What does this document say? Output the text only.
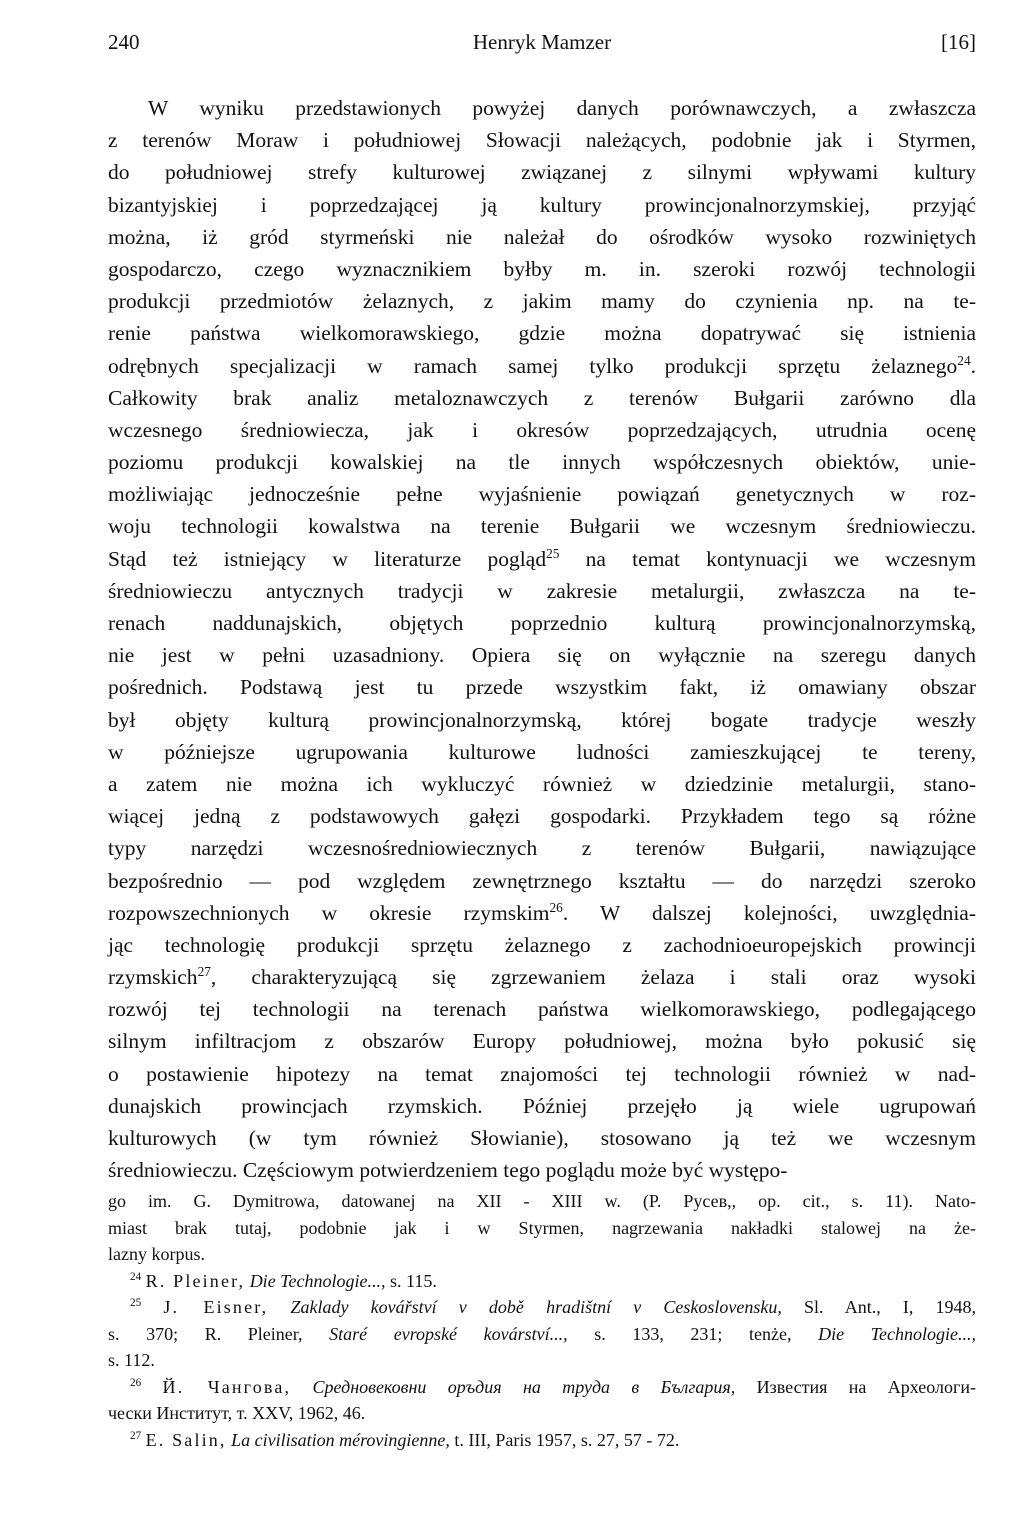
240	Henryk Mamzer	[16]
W wyniku przedstawionych powyżej danych porównawczych, a zwłaszcza
z terenów Moraw i południowej Słowacji należących, podobnie jak i Styrmen,
do południowej strefy kulturowej związanej z silnymi wpływami kultury
bizantyjskiej i poprzedzającej ją kultury prowincjonalnorzymskiej, przyjąć
można, iż gród styrmeński nie należał do ośrodków wysoko rozwiniętych
gospodarczo, czego wyznacznikiem byłby m. in. szeroki rozwój technologii
produkcji przedmiotów żelaznych, z jakim mamy do czynienia np. na te-
renie państwa wielkomorawskiego, gdzie można dopatrywać się istnienia
odrębnych specjalizacji w ramach samej tylko produkcji sprzętu żelaznego$^{24}$.
Całkowity brak analiz metaloznawczych z terenów Bułgarii zarówno dla
wczesnego średniowiecza, jak i okresów poprzedzających, utrudnia ocenę
poziomu produkcji kowalskiej na tle innych współczesnych obiektów, unie-
możliwiając jednocześnie pełne wyjaśnienie powiązań genetycznych w roz-
woju technologii kowalstwa na terenie Bułgarii we wczesnym średniowieczu.
Stąd też istniejący w literaturze pogląd$^{25}$ na temat kontynuacji we wczesnym
średniowieczu antycznych tradycji w zakresie metalurgii, zwłaszcza na te-
renach naddunajskich, objętych poprzednio kulturą prowincjonalnorzymską,
nie jest w pełni uzasadniony. Opiera się on wyłącznie na szeregu danych
pośrednich. Podstawą jest tu przede wszystkim fakt, iż omawiany obszar
był objęty kulturą prowincjonalnorzymską, której bogate tradycje weszły
w późniejsze ugrupowania kulturowe ludności zamieszkującej te tereny,
a zatem nie można ich wykluczyć również w dziedzinie metalurgii, stano-
wiącej jedną z podstawowych gałęzi gospodarki. Przykładem tego są różne
typy narzędzi wczesnośredniowiecznych z terenów Bułgarii, nawiązujące
bezpośrednio — pod względem zewnętrznego kształtu — do narzędzi szeroko
rozpowszechnionych w okresie rzymskim$^{26}$. W dalszej kolejności, uwzględnia-
jąc technologię produkcji sprzętu żelaznego z zachodnioeuropejskich prowincji
rzymskich$^{27}$, charakteryzującą się zgrzewaniem żelaza i stali oraz wysoki
rozwój tej technologii na terenach państwa wielkomorawskiego, podlegającego
silnym infiltracjom z obszarów Europy południowej, można było pokusić się
o postawienie hipotezy na temat znajomości tej technologii również w nad-
dunajskich prowincjach rzymskich. Później przejęło ją wiele ugrupowań
kulturowych (w tym również Słowianie), stosowano ją też we wczesnym
średniowieczu. Częściowym potwierdzeniem tego poglądu może być występo-
go im. G. Dymitrowa, datowanej na XII - XIII w. (P. Русев,, op. cit., s. 11). Nato-
miast brak tutaj, podobnie jak i w Styrmen, nagrzewania nakładki stalowej na że-
lazny korpus.
$^{24}$ R. Pleiner, Die Technologie..., s. 115.
$^{25}$ J. Eisner, Zaklady kovářství v době hradištní v Ceskoslovensku, Sl. Ant., I, 1948,
s. 370; R. Pleiner, Staré evropské kovárství..., s. 133, 231; tenże, Die Technologie...,
s. 112.
$^{26}$ Й. Чангова, Средновековни оръдия на труда в България, Известия на Археологи-
чески Институт, т. XXV, 1962, 46.
$^{27}$ E. Salin, La civilisation mérovingienne, t. III, Paris 1957, s. 27, 57 - 72.
